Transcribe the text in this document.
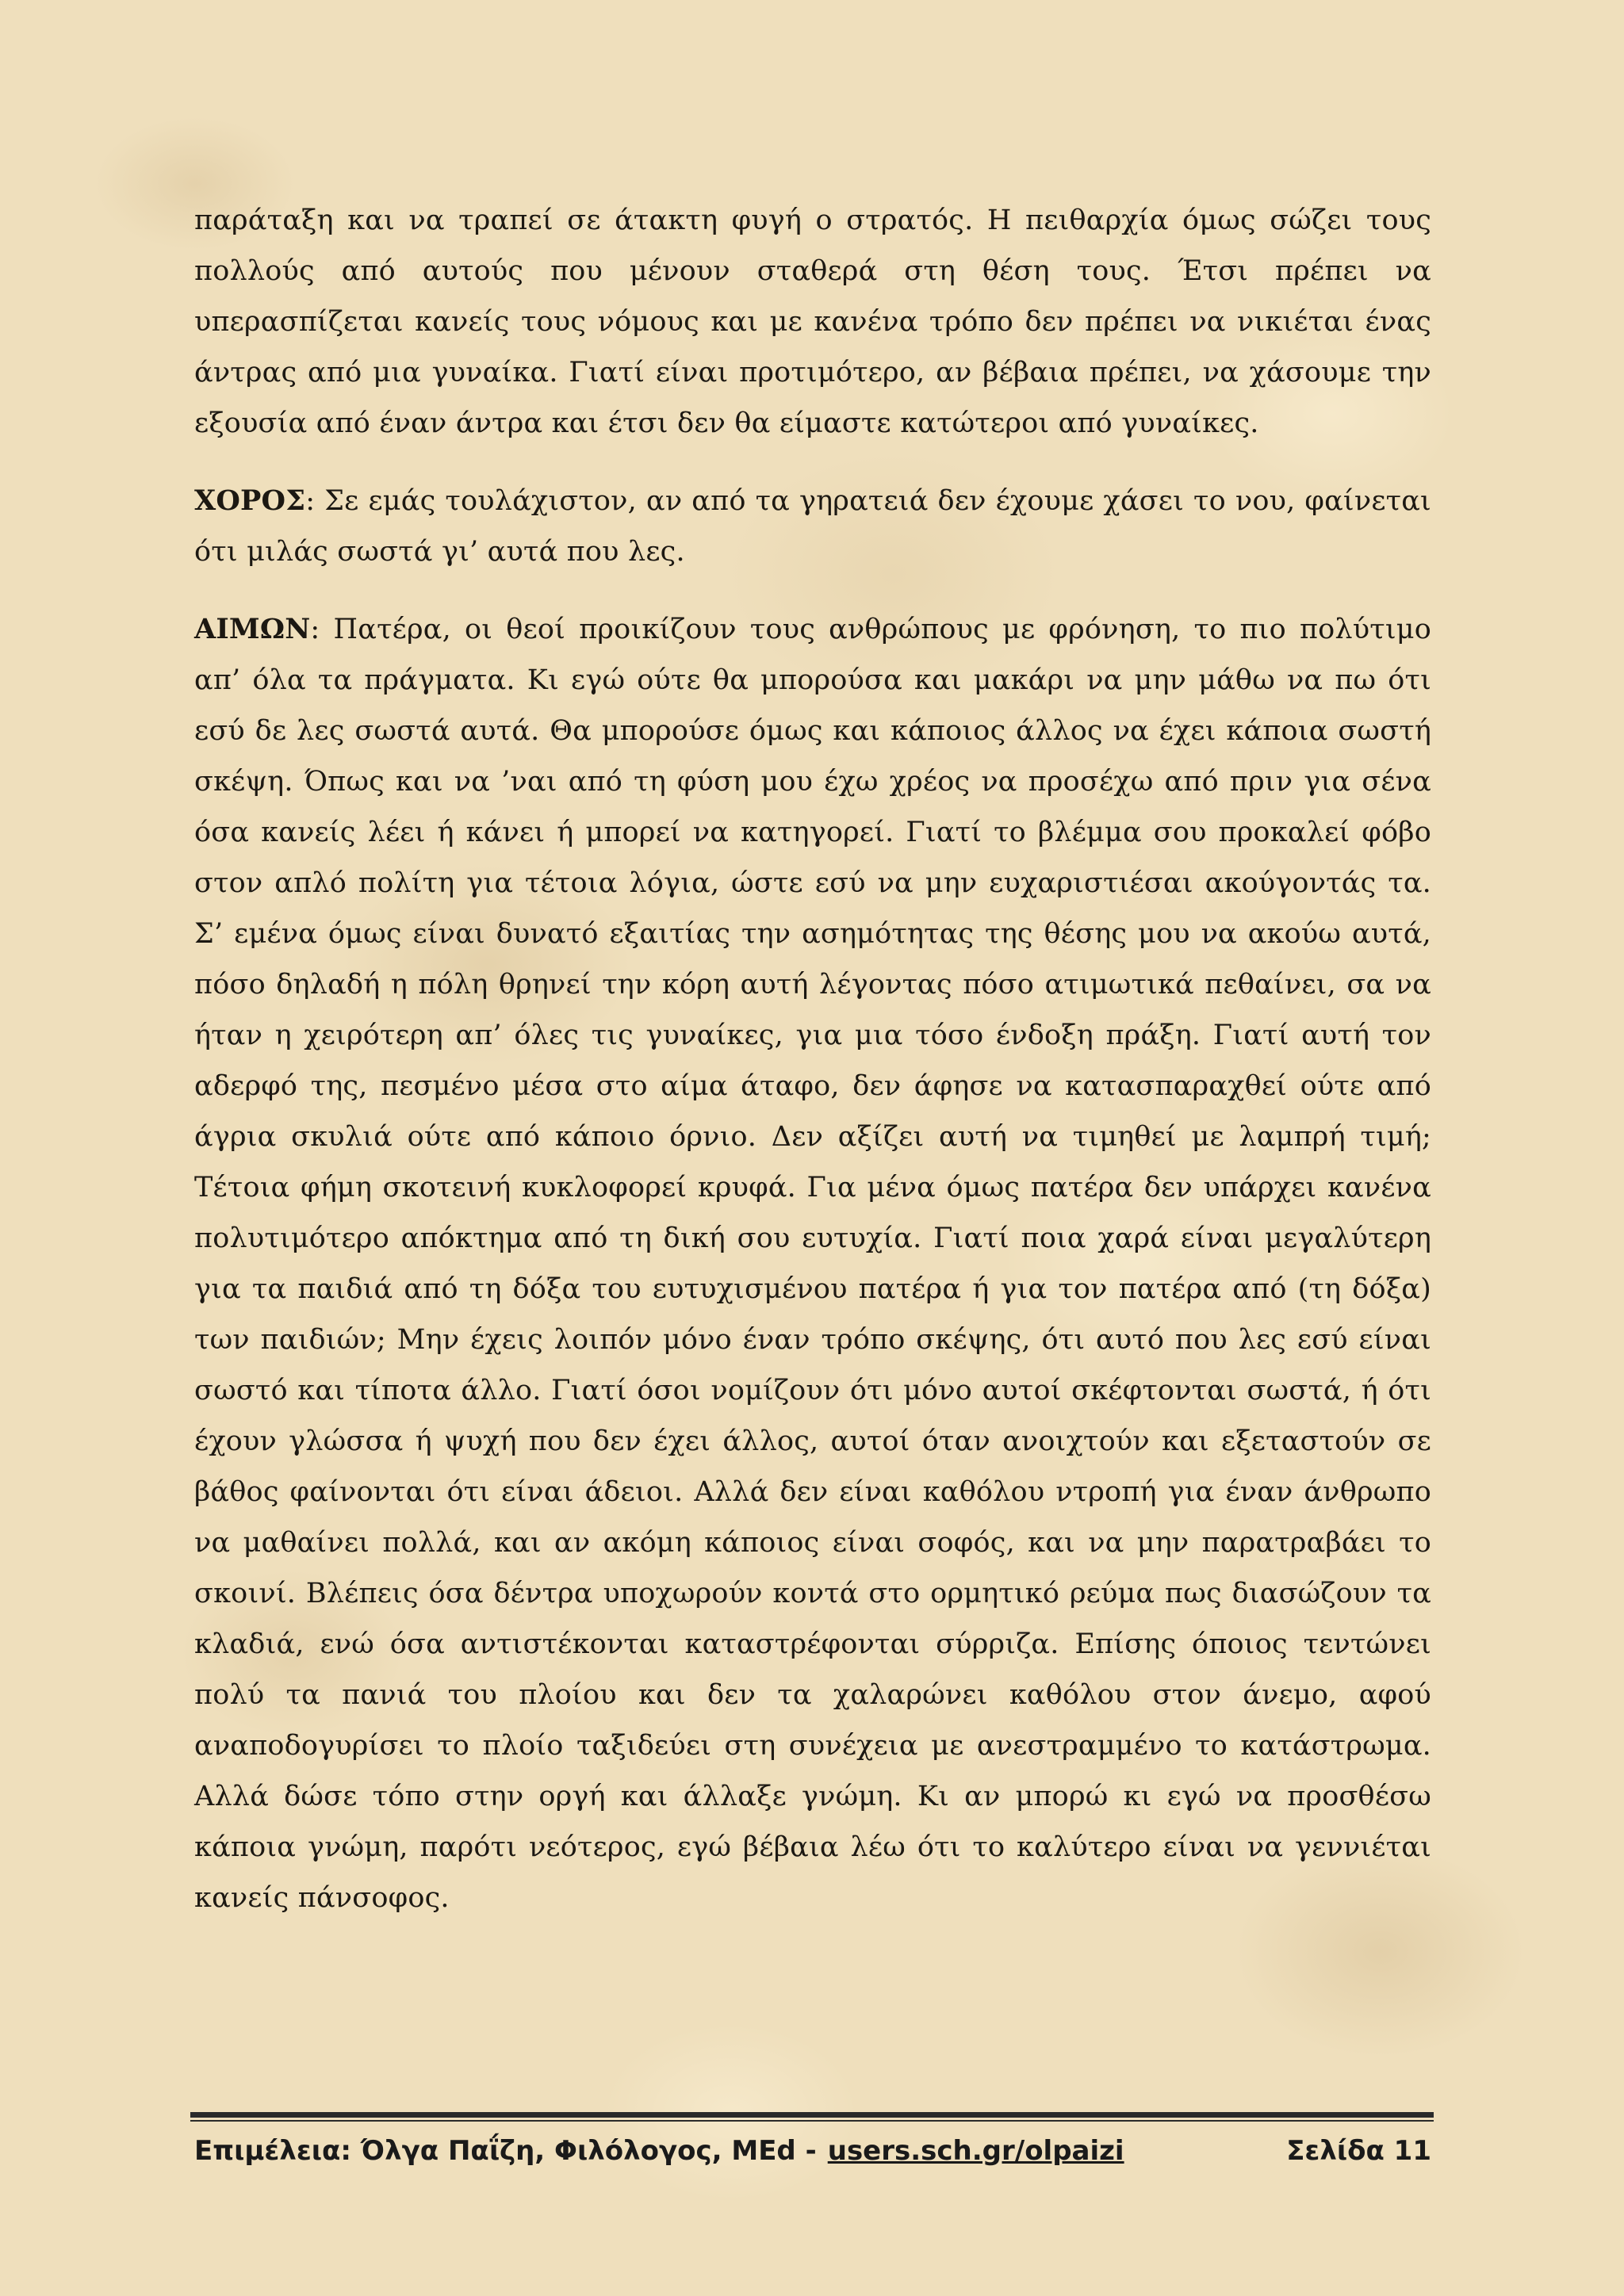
παράταξη και να τραπεί σε άτακτη φυγή ο στρατός. Η πειθαρχία όμως σώζει τους πολλούς από αυτούς που μένουν σταθερά στη θέση τους. Έτσι πρέπει να υπερασπίζεται κανείς τους νόμους και με κανένα τρόπο δεν πρέπει να νικιέται ένας άντρας από μια γυναίκα. Γιατί είναι προτιμότερο, αν βέβαια πρέπει, να χάσουμε την εξουσία από έναν άντρα και έτσι δεν θα είμαστε κατώτεροι από γυναίκες.

ΧΟΡΟΣ: Σε εμάς τουλάχιστον, αν από τα γηρατειά δεν έχουμε χάσει το νου, φαίνεται ότι μιλάς σωστά γι’ αυτά που λες.

ΑΙΜΩΝ: Πατέρα, οι θεοί προικίζουν τους ανθρώπους με φρόνηση, το πιο πολύτιμο απ’ όλα τα πράγματα. Κι εγώ ούτε θα μπορούσα και μακάρι να μην μάθω να πω ότι εσύ δε λες σωστά αυτά. Θα μπορούσε όμως και κάποιος άλλος να έχει κάποια σωστή σκέψη. Όπως και να ’ναι από τη φύση μου έχω χρέος να προσέχω από πριν για σένα όσα κανείς λέει ή κάνει ή μπορεί να κατηγορεί. Γιατί το βλέμμα σου προκαλεί φόβο στον απλό πολίτη για τέτοια λόγια, ώστε εσύ να μην ευχαριστιέσαι ακούγοντάς τα. Σ’ εμένα όμως είναι δυνατό εξαιτίας την ασημότητας της θέσης μου να ακούω αυτά, πόσο δηλαδή η πόλη θρηνεί την κόρη αυτή λέγοντας πόσο ατιμωτικά πεθαίνει, σα να ήταν η χειρότερη απ’ όλες τις γυναίκες, για μια τόσο ένδοξη πράξη. Γιατί αυτή τον αδερφό της, πεσμένο μέσα στο αίμα άταφο, δεν άφησε να κατασπαραχθεί ούτε από άγρια σκυλιά ούτε από κάποιο όρνιο. Δεν αξίζει αυτή να τιμηθεί με λαμπρή τιμή; Τέτοια φήμη σκοτεινή κυκλοφορεί κρυφά. Για μένα όμως πατέρα δεν υπάρχει κανένα πολυτιμότερο απόκτημα από τη δική σου ευτυχία. Γιατί ποια χαρά είναι μεγαλύτερη για τα παιδιά από τη δόξα του ευτυχισμένου πατέρα ή για τον πατέρα από (τη δόξα) των παιδιών; Μην έχεις λοιπόν μόνο έναν τρόπο σκέψης, ότι αυτό που λες εσύ είναι σωστό και τίποτα άλλο. Γιατί όσοι νομίζουν ότι μόνο αυτοί σκέφτονται σωστά, ή ότι έχουν γλώσσα ή ψυχή που δεν έχει άλλος, αυτοί όταν ανοιχτούν και εξεταστούν σε βάθος φαίνονται ότι είναι άδειοι. Αλλά δεν είναι καθόλου ντροπή για έναν άνθρωπο να μαθαίνει πολλά, και αν ακόμη κάποιος είναι σοφός, και να μην παρατραβάει το σκοινί. Βλέπεις όσα δέντρα υποχωρούν κοντά στο ορμητικό ρεύμα πως διασώζουν τα κλαδιά, ενώ όσα αντιστέκονται καταστρέφονται σύρριζα. Επίσης όποιος τεντώνει πολύ τα πανιά του πλοίου και δεν τα χαλαρώνει καθόλου στον άνεμο, αφού αναποδογυρίσει το πλοίο ταξιδεύει στη συνέχεια με ανεστραμμένο το κατάστρωμα. Αλλά δώσε τόπο στην οργή και άλλαξε γνώμη. Κι αν μπορώ κι εγώ να προσθέσω κάποια γνώμη, παρότι νεότερος, εγώ βέβαια λέω ότι το καλύτερο είναι να γεννιέται κανείς πάνσοφος.

Επιμέλεια: Όλγα Παΐζη, Φιλόλογος, MEd - users.sch.gr/olpaizi	Σελίδα 11
